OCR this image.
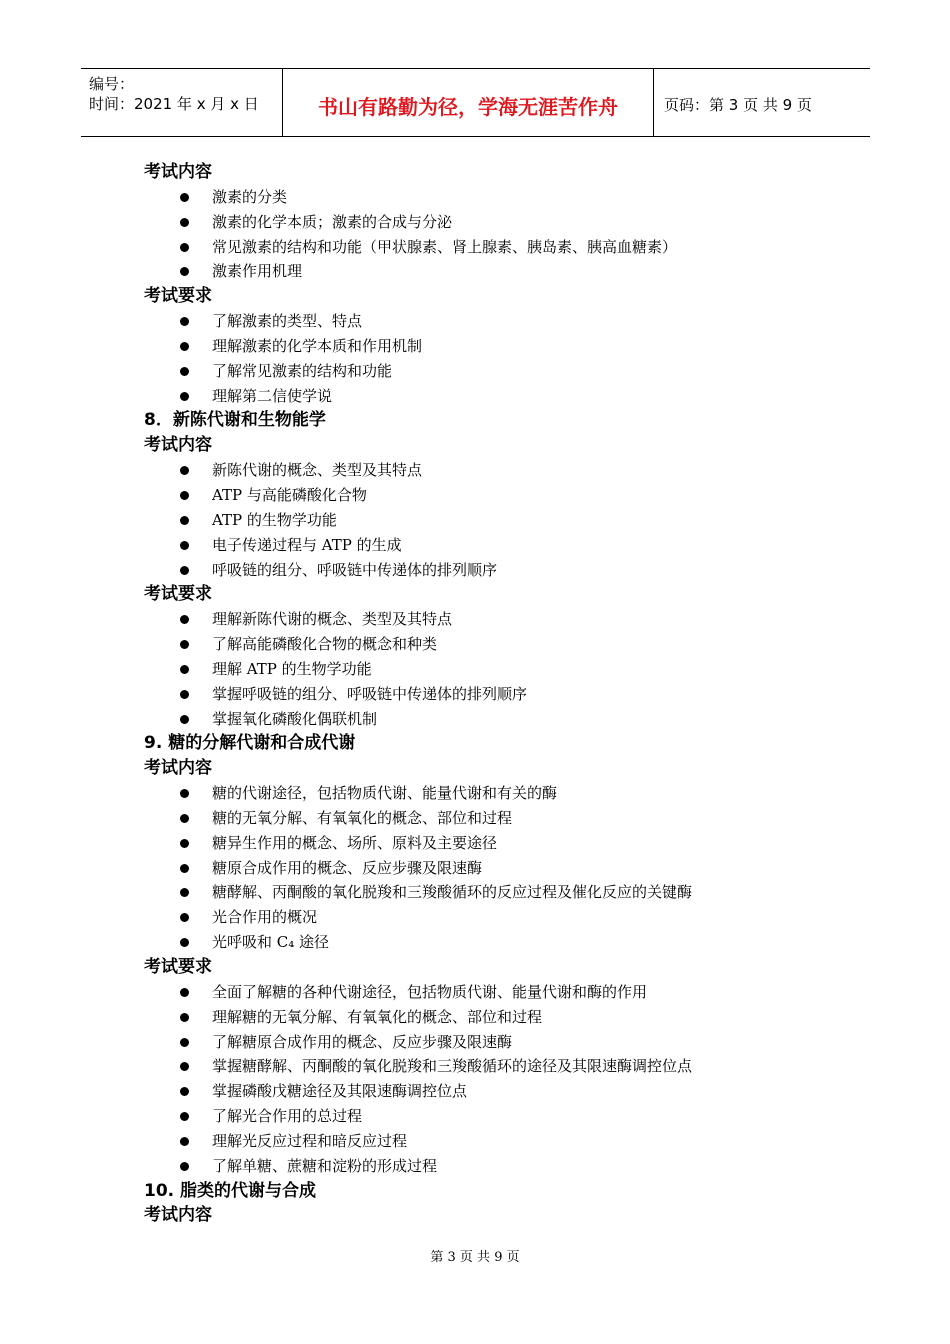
编号：
时间：2021 年 x 月 x 日	书山有路勤为径，学海无涯苦作舟	页码：第 3 页 共 9 页
考试内容
激素的分类
激素的化学本质；激素的合成与分泌
常见激素的结构和功能（甲状腺素、肾上腺素、胰岛素、胰高血糖素）
激素作用机理
考试要求
了解激素的类型、特点
理解激素的化学本质和作用机制
了解常见激素的结构和功能
理解第二信使学说
8．新陈代谢和生物能学
考试内容
新陈代谢的概念、类型及其特点
ATP 与高能磷酸化合物
ATP 的生物学功能
电子传递过程与 ATP 的生成
呼吸链的组分、呼吸链中传递体的排列顺序
考试要求
理解新陈代谢的概念、类型及其特点
了解高能磷酸化合物的概念和种类
理解 ATP 的生物学功能
掌握呼吸链的组分、呼吸链中传递体的排列顺序
掌握氧化磷酸化偶联机制
9. 糖的分解代谢和合成代谢
考试内容
糖的代谢途径，包括物质代谢、能量代谢和有关的酶
糖的无氧分解、有氧氧化的概念、部位和过程
糖异生作用的概念、场所、原料及主要途径
糖原合成作用的概念、反应步骤及限速酶
糖酵解、丙酮酸的氧化脱羧和三羧酸循环的反应过程及催化反应的关键酶
光合作用的概况
光呼吸和 C₄ 途径
考试要求
全面了解糖的各种代谢途径，包括物质代谢、能量代谢和酶的作用
理解糖的无氧分解、有氧氧化的概念、部位和过程
了解糖原合成作用的概念、反应步骤及限速酶
掌握糖酵解、丙酮酸的氧化脱羧和三羧酸循环的途径及其限速酶调控位点
掌握磷酸戊糖途径及其限速酶调控位点
了解光合作用的总过程
理解光反应过程和暗反应过程
了解单糖、蔗糖和淀粉的形成过程
10. 脂类的代谢与合成
考试内容
第 3 页 共 9 页
